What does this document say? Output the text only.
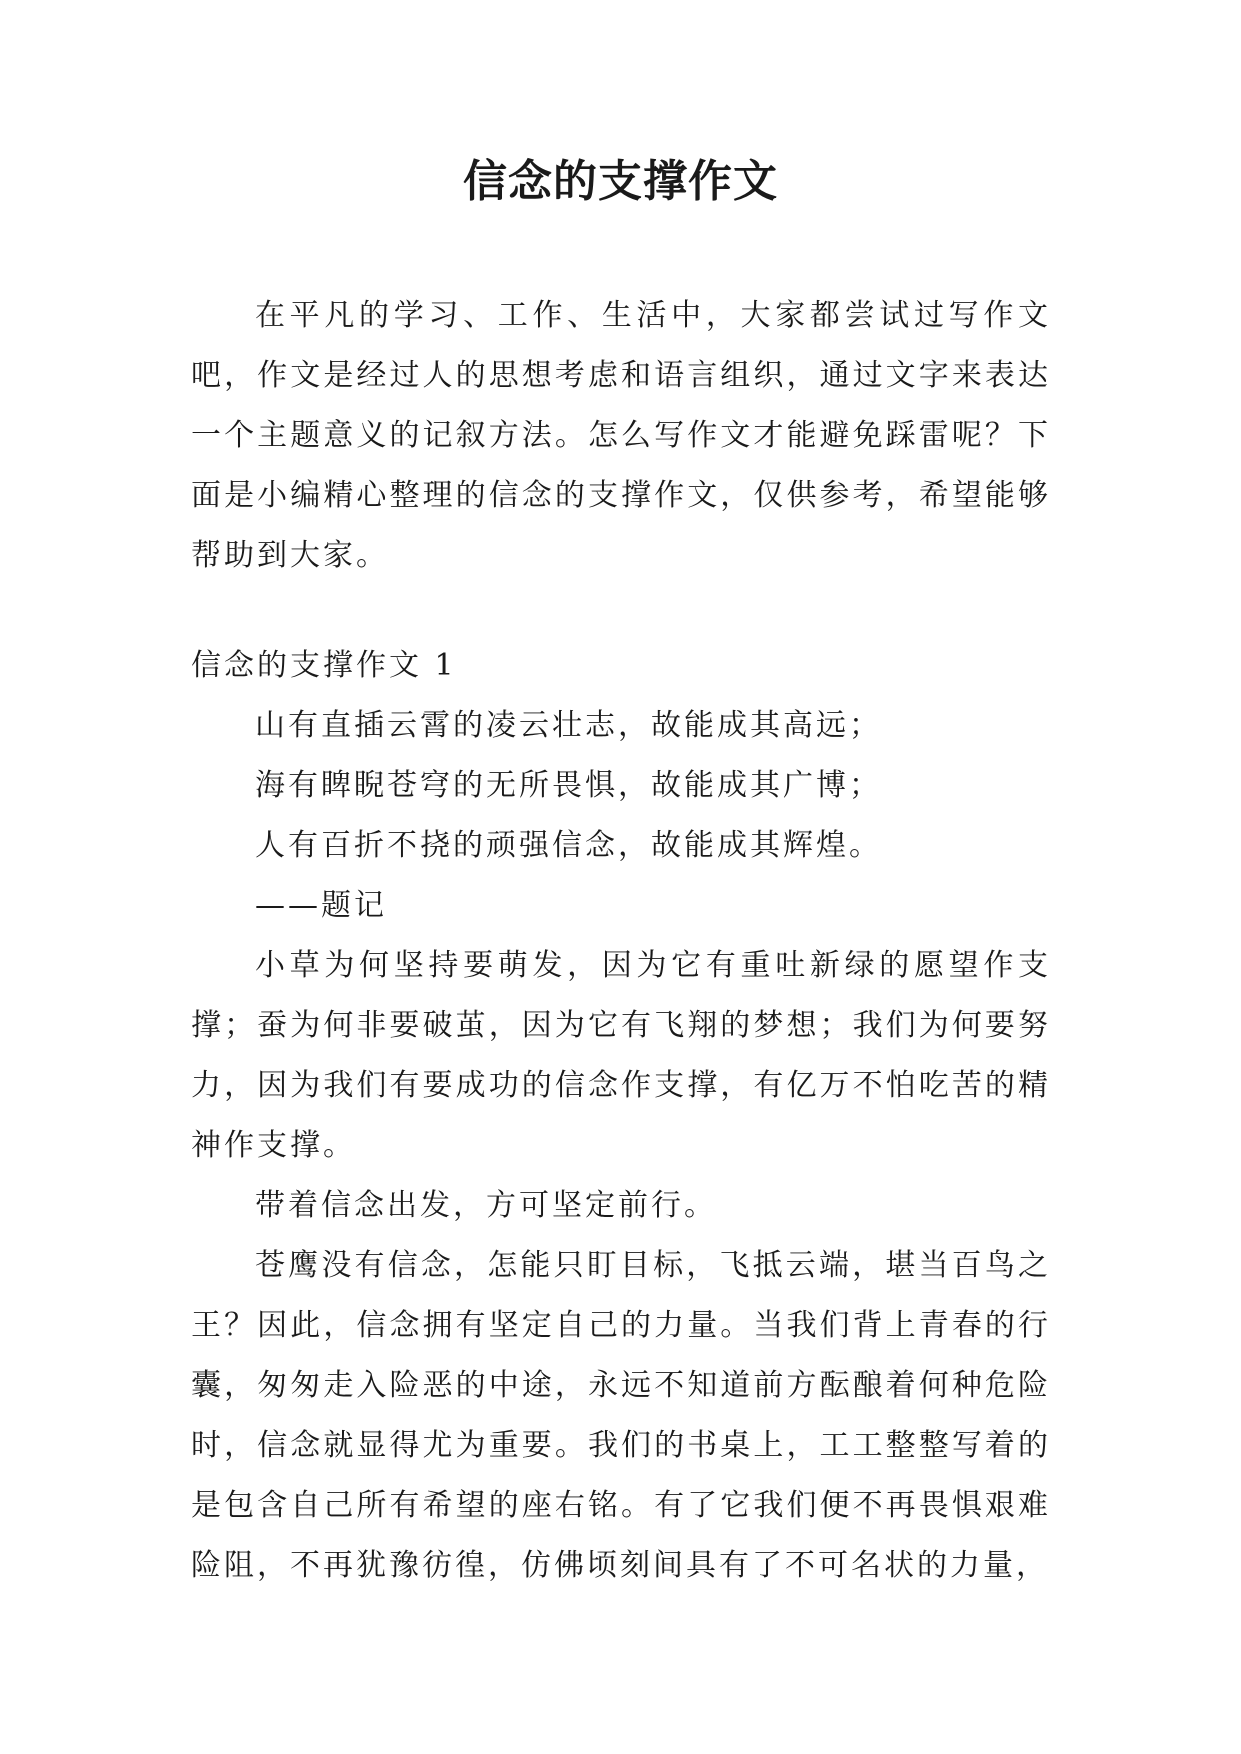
信念的支撑作文

在平凡的学习、工作、生活中，大家都尝试过写作文吧，作文是经过人的思想考虑和语言组织，通过文字来表达一个主题意义的记叙方法。怎么写作文才能避免踩雷呢？下面是小编精心整理的信念的支撑作文，仅供参考，希望能够帮助到大家。

信念的支撑作文 1

山有直插云霄的凌云壮志，故能成其高远；

海有睥睨苍穹的无所畏惧，故能成其广博；

人有百折不挠的顽强信念，故能成其辉煌。

——题记

小草为何坚持要萌发，因为它有重吐新绿的愿望作支撑；蚕为何非要破茧，因为它有飞翔的梦想；我们为何要努力，因为我们有要成功的信念作支撑，有亿万不怕吃苦的精神作支撑。

带着信念出发，方可坚定前行。

苍鹰没有信念，怎能只盯目标，飞抵云端，堪当百鸟之王？因此，信念拥有坚定自己的力量。当我们背上青春的行囊，匆匆走入险恶的中途，永远不知道前方酝酿着何种危险时，信念就显得尤为重要。我们的书桌上，工工整整写着的是包含自己所有希望的座右铭。有了它我们便不再畏惧艰难险阻，不再犹豫彷徨，仿佛顷刻间具有了不可名状的力量，
